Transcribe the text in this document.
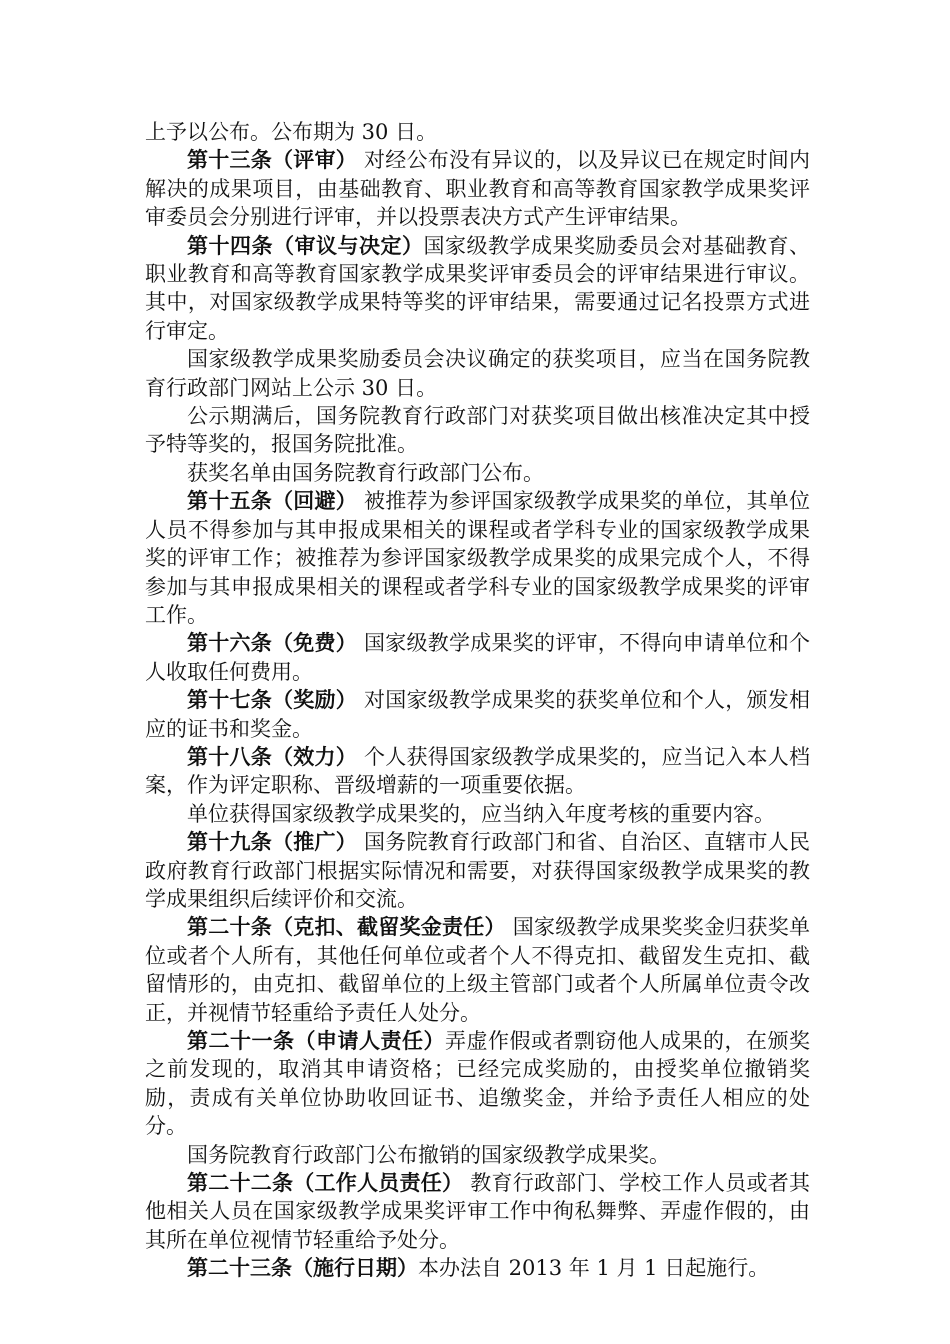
上予以公布。公布期为 30 日。

第十三条（评审） 对经公布没有异议的，以及异议已在规定时间内解决的成果项目，由基础教育、职业教育和高等教育国家教学成果奖评审委员会分别进行评审，并以投票表决方式产生评审结果。

第十四条（审议与决定）国家级教学成果奖励委员会对基础教育、职业教育和高等教育国家教学成果奖评审委员会的评审结果进行审议。其中，对国家级教学成果特等奖的评审结果，需要通过记名投票方式进行审定。

国家级教学成果奖励委员会决议确定的获奖项目，应当在国务院教育行政部门网站上公示 30 日。

公示期满后，国务院教育行政部门对获奖项目做出核准决定其中授予特等奖的，报国务院批准。

获奖名单由国务院教育行政部门公布。

第十五条（回避） 被推荐为参评国家级教学成果奖的单位，其单位人员不得参加与其申报成果相关的课程或者学科专业的国家级教学成果奖的评审工作；被推荐为参评国家级教学成果奖的成果完成个人，不得参加与其申报成果相关的课程或者学科专业的国家级教学成果奖的评审工作。

第十六条（免费） 国家级教学成果奖的评审，不得向申请单位和个人收取任何费用。

第十七条（奖励） 对国家级教学成果奖的获奖单位和个人，颁发相应的证书和奖金。

第十八条（效力） 个人获得国家级教学成果奖的，应当记入本人档案，作为评定职称、晋级增薪的一项重要依据。

单位获得国家级教学成果奖的，应当纳入年度考核的重要内容。

第十九条（推广） 国务院教育行政部门和省、自治区、直辖市人民政府教育行政部门根据实际情况和需要，对获得国家级教学成果奖的教学成果组织后续评价和交流。

第二十条（克扣、截留奖金责任） 国家级教学成果奖奖金归获奖单位或者个人所有，其他任何单位或者个人不得克扣、截留发生克扣、截留情形的，由克扣、截留单位的上级主管部门或者个人所属单位责令改正，并视情节轻重给予责任人处分。

第二十一条（申请人责任）弄虚作假或者剽窃他人成果的，在颁奖之前发现的，取消其申请资格；已经完成奖励的，由授奖单位撤销奖励，责成有关单位协助收回证书、追缴奖金，并给予责任人相应的处分。

国务院教育行政部门公布撤销的国家级教学成果奖。

第二十二条（工作人员责任） 教育行政部门、学校工作人员或者其他相关人员在国家级教学成果奖评审工作中徇私舞弊、弄虚作假的，由其所在单位视情节轻重给予处分。

第二十三条（施行日期）本办法自 2013 年 1 月 1 日起施行。
